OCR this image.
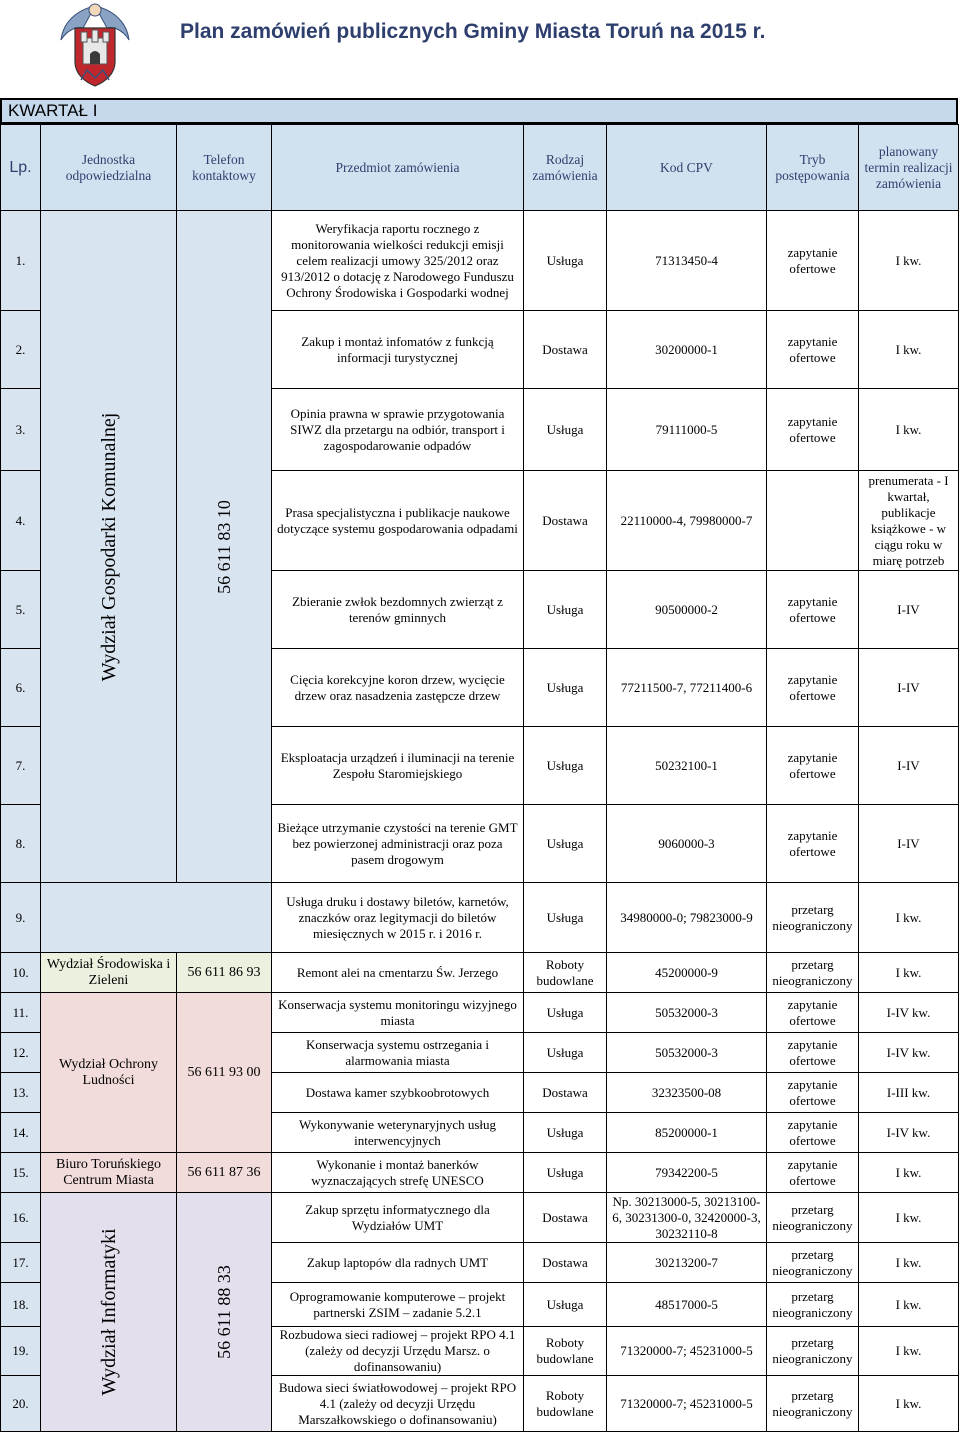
Plan zamówień publicznych Gminy Miasta Toruń na 2015 r.
KWARTAŁ I
Lp.	Jednostka odpowiedzialna	Telefon kontaktowy	Przedmiot zamówienia	Rodzaj zamówienia	Kod CPV	Tryb postępowania	planowany termin realizacji zamówienia
1.	Wydział Gospodarki Komunalnej	56 611 83 10	Weryfikacja raportu rocznego z monitorowania wielkości redukcji emisji celem realizacji umowy 325/2012 oraz 913/2012 o dotację z Narodowego Funduszu Ochrony Środowiska i Gospodarki wodnej	Usługa	71313450-4	zapytanie ofertowe	I kw.
2.			Zakup i montaż infomatów z funkcją informacji turystycznej	Dostawa	30200000-1	zapytanie ofertowe	I kw.
3.			Opinia prawna w sprawie przygotowania SIWZ dla przetargu na odbiór, transport i zagospodarowanie odpadów	Usługa	79111000-5	zapytanie ofertowe	I kw.
4.			Prasa specjalistyczna i publikacje naukowe dotyczące systemu gospodarowania odpadami	Dostawa	22110000-4, 79980000-7		prenumerata - I kwartał, publikacje książkowe - w ciągu roku w miarę potrzeb
5.			Zbieranie zwłok bezdomnych zwierząt z terenów gminnych	Usługa	90500000-2	zapytanie ofertowe	I-IV
6.			Cięcia korekcyjne koron drzew, wycięcie drzew oraz nasadzenia zastępcze drzew	Usługa	77211500-7, 77211400-6	zapytanie ofertowe	I-IV
7.			Eksploatacja urządzeń i iluminacji na terenie Zespołu Staromiejskiego	Usługa	50232100-1	zapytanie ofertowe	I-IV
8.			Bieżące utrzymanie czystości na terenie GMT bez powierzonej administracji oraz poza pasem drogowym	Usługa	9060000-3	zapytanie ofertowe	I-IV
9.			Usługa druku i dostawy biletów, karnetów, znaczków oraz legitymacji do biletów miesięcznych w 2015 r. i 2016 r.	Usługa	34980000-0; 79823000-9	przetarg nieograniczony	I kw.
10.	Wydział Środowiska i Zieleni	56 611 86 93	Remont alei na cmentarzu Św. Jerzego	Roboty budowlane	45200000-9	przetarg nieograniczony	I kw.
11.	Wydział Ochrony Ludności	56 611 93 00	Konserwacja systemu monitoringu wizyjnego miasta	Usługa	50532000-3	zapytanie ofertowe	I-IV kw.
12.			Konserwacja systemu ostrzegania i alarmowania miasta	Usługa	50532000-3	zapytanie ofertowe	I-IV kw.
13.			Dostawa kamer szybkoobrotowych	Dostawa	32323500-08	zapytanie ofertowe	I-III kw.
14.			Wykonywanie weterynaryjnych usług interwencyjnych	Usługa	85200000-1	zapytanie ofertowe	I-IV kw.
15.	Biuro Toruńskiego Centrum Miasta	56 611 87 36	Wykonanie i montaż banerków wyznaczających strefę UNESCO	Usługa	79342200-5	zapytanie ofertowe	I kw.
16.	Wydział Informatyki	56 611 88 33	Zakup sprzętu informatycznego dla Wydziałów UMT	Dostawa	Np. 30213000-5, 30213100-6, 30231300-0, 32420000-3, 30232110-8	przetarg nieograniczony	I kw.
17.			Zakup laptopów dla radnych UMT	Dostawa	30213200-7	przetarg nieograniczony	I kw.
18.			Oprogramowanie komputerowe – projekt partnerski ZSIM – zadanie 5.2.1	Usługa	48517000-5	przetarg nieograniczony	I kw.
19.			Rozbudowa sieci radiowej – projekt RPO 4.1 (zależy od decyzji Urzędu Marsz. o dofinansowaniu)	Roboty budowlane	71320000-7; 45231000-5	przetarg nieograniczony	I kw.
20.			Budowa sieci światłowodowej – projekt RPO 4.1 (zależy od decyzji Urzędu Marszałkowskiego o dofinansowaniu)	Roboty budowlane	71320000-7; 45231000-5	przetarg nieograniczony	I kw.
